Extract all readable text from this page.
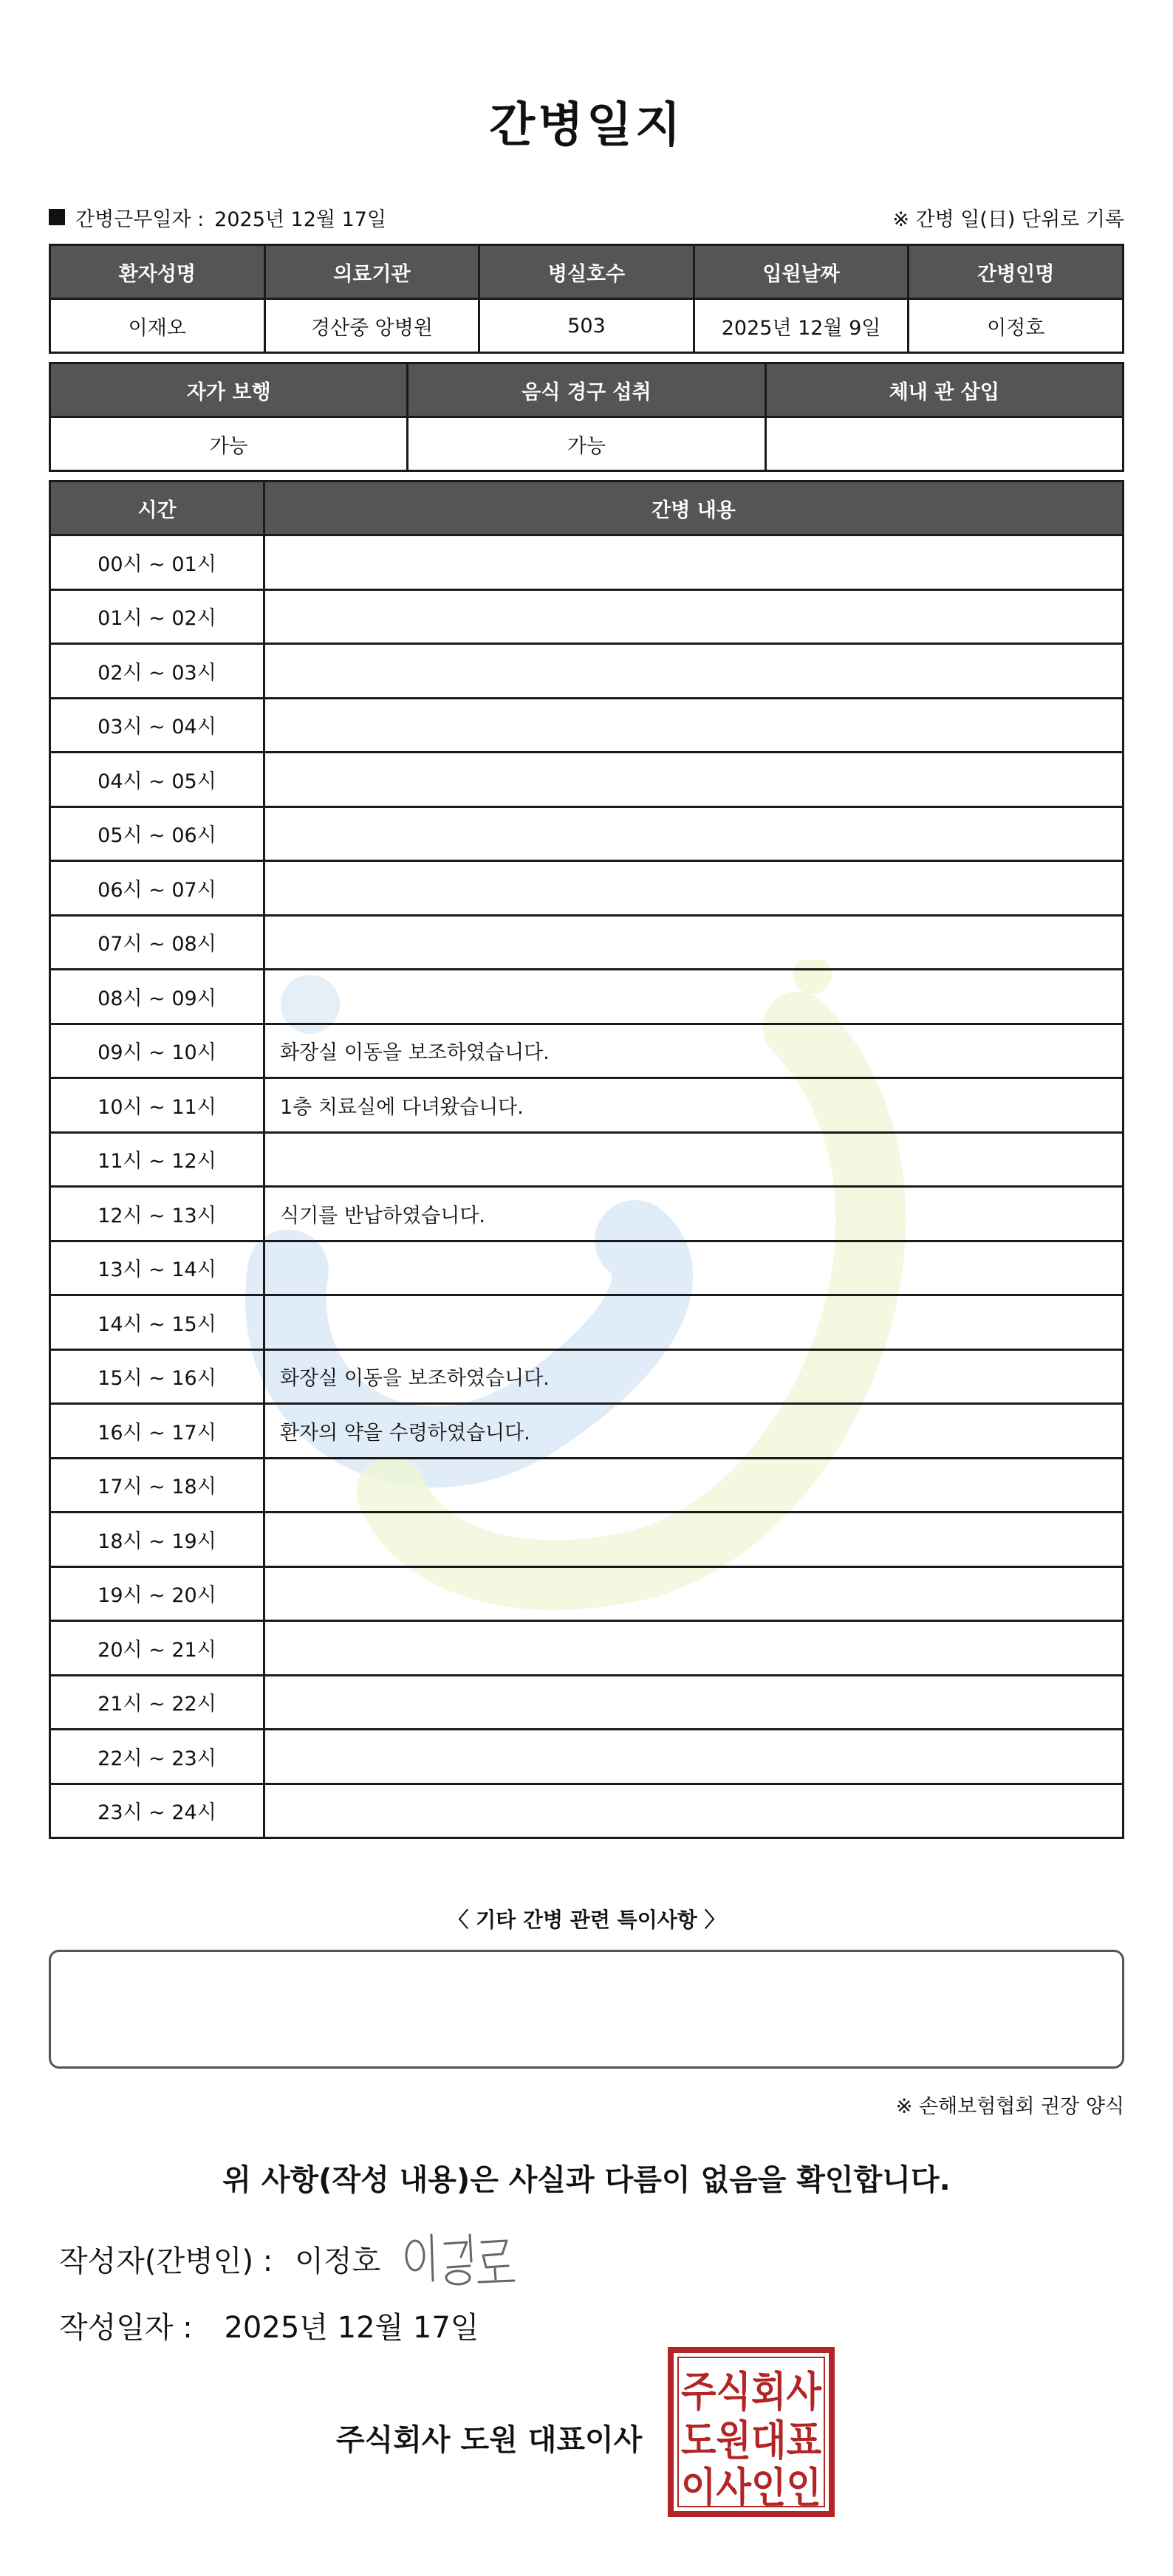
간병일지
간병근무일자 : 2025년 12월 17일	※ 간병 일(日) 단위로 기록
환자성명	의료기관	병실호수	입원날짜	간병인명
이재오	경산중 앙병원	503	2025년 12월 9일	이정호
자가 보행	음식 경구 섭취	체내 관 삽입
가능	가능	
시간	간병 내용
00시 ~ 01시	
01시 ~ 02시	
02시 ~ 03시	
03시 ~ 04시	
04시 ~ 05시	
05시 ~ 06시	
06시 ~ 07시	
07시 ~ 08시	
08시 ~ 09시	
09시 ~ 10시	화장실 이동을 보조하였습니다.
10시 ~ 11시	1층 치료실에 다녀왔습니다.
11시 ~ 12시	
12시 ~ 13시	식기를 반납하였습니다.
13시 ~ 14시	
14시 ~ 15시	
15시 ~ 16시	화장실 이동을 보조하였습니다.
16시 ~ 17시	환자의 약을 수령하였습니다.
17시 ~ 18시	
18시 ~ 19시	
19시 ~ 20시	
20시 ~ 21시	
21시 ~ 22시	
22시 ~ 23시	
23시 ~ 24시	
〈 기타 간병 관련 특이사항 〉
※ 손해보험협회 권장 양식
위 사항(작성 내용)은 사실과 다름이 없음을 확인합니다.
작성자(간병인) : 이정호
작성일자 : 2025년 12월 17일
주식회사 도원 대표이사
주식회사
도원대표
이사인인
